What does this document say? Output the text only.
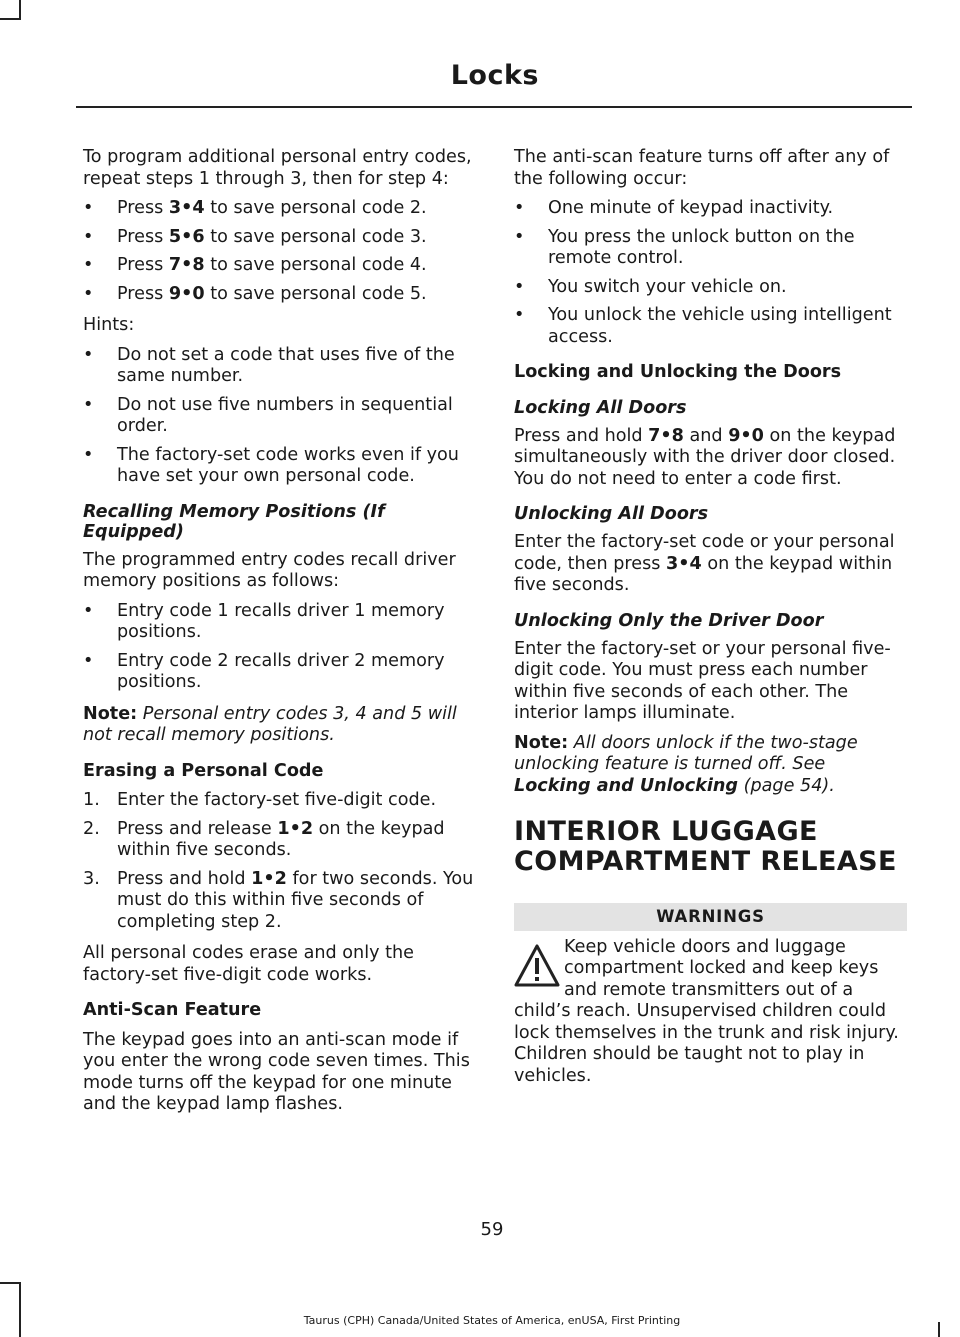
Locks

To program additional personal entry codes, repeat steps 1 through 3, then for step 4:

• Press 3•4 to save personal code 2.
• Press 5•6 to save personal code 3.
• Press 7•8 to save personal code 4.
• Press 9•0 to save personal code 5.

Hints:

• Do not set a code that uses five of the same number.
• Do not use five numbers in sequential order.
• The factory-set code works even if you have set your own personal code.
Recalling Memory Positions (If Equipped)

The programmed entry codes recall driver memory positions as follows:

• Entry code 1 recalls driver 1 memory positions.
• Entry code 2 recalls driver 2 memory positions.

Note: Personal entry codes 3, 4 and 5 will not recall memory positions.

Erasing a Personal Code
1. Enter the factory-set five-digit code.
2. Press and release 1•2 on the keypad within five seconds.
3. Press and hold 1•2 for two seconds. You must do this within five seconds of completing step 2.

All personal codes erase and only the factory-set five-digit code works.

Anti-Scan Feature

The keypad goes into an anti-scan mode if you enter the wrong code seven times. This mode turns off the keypad for one minute and the keypad lamp flashes.

The anti-scan feature turns off after any of the following occur:

• One minute of keypad inactivity.
• You press the unlock button on the remote control.
• You switch your vehicle on.
• You unlock the vehicle using intelligent access.
Locking and Unlocking the Doors
Locking All Doors

Press and hold 7•8 and 9•0 on the keypad simultaneously with the driver door closed. You do not need to enter a code first.

Unlocking All Doors

Enter the factory-set code or your personal code, then press 3•4 on the keypad within five seconds.

Unlocking Only the Driver Door

Enter the factory-set or your personal five-digit code. You must press each number within five seconds of each other. The interior lamps illuminate.

Note: All doors unlock if the two-stage unlocking feature is turned off. See Locking and Unlocking (page 54).

INTERIOR LUGGAGE
COMPARTMENT RELEASE
WARNINGS
Keep vehicle doors and luggage compartment locked and keep keys and remote transmitters out of a child’s reach. Unsupervised children could lock themselves in the trunk and risk injury. Children should be taught not to play in vehicles.
59
Taurus (CPH) Canada/United States of America, enUSA, First Printing
